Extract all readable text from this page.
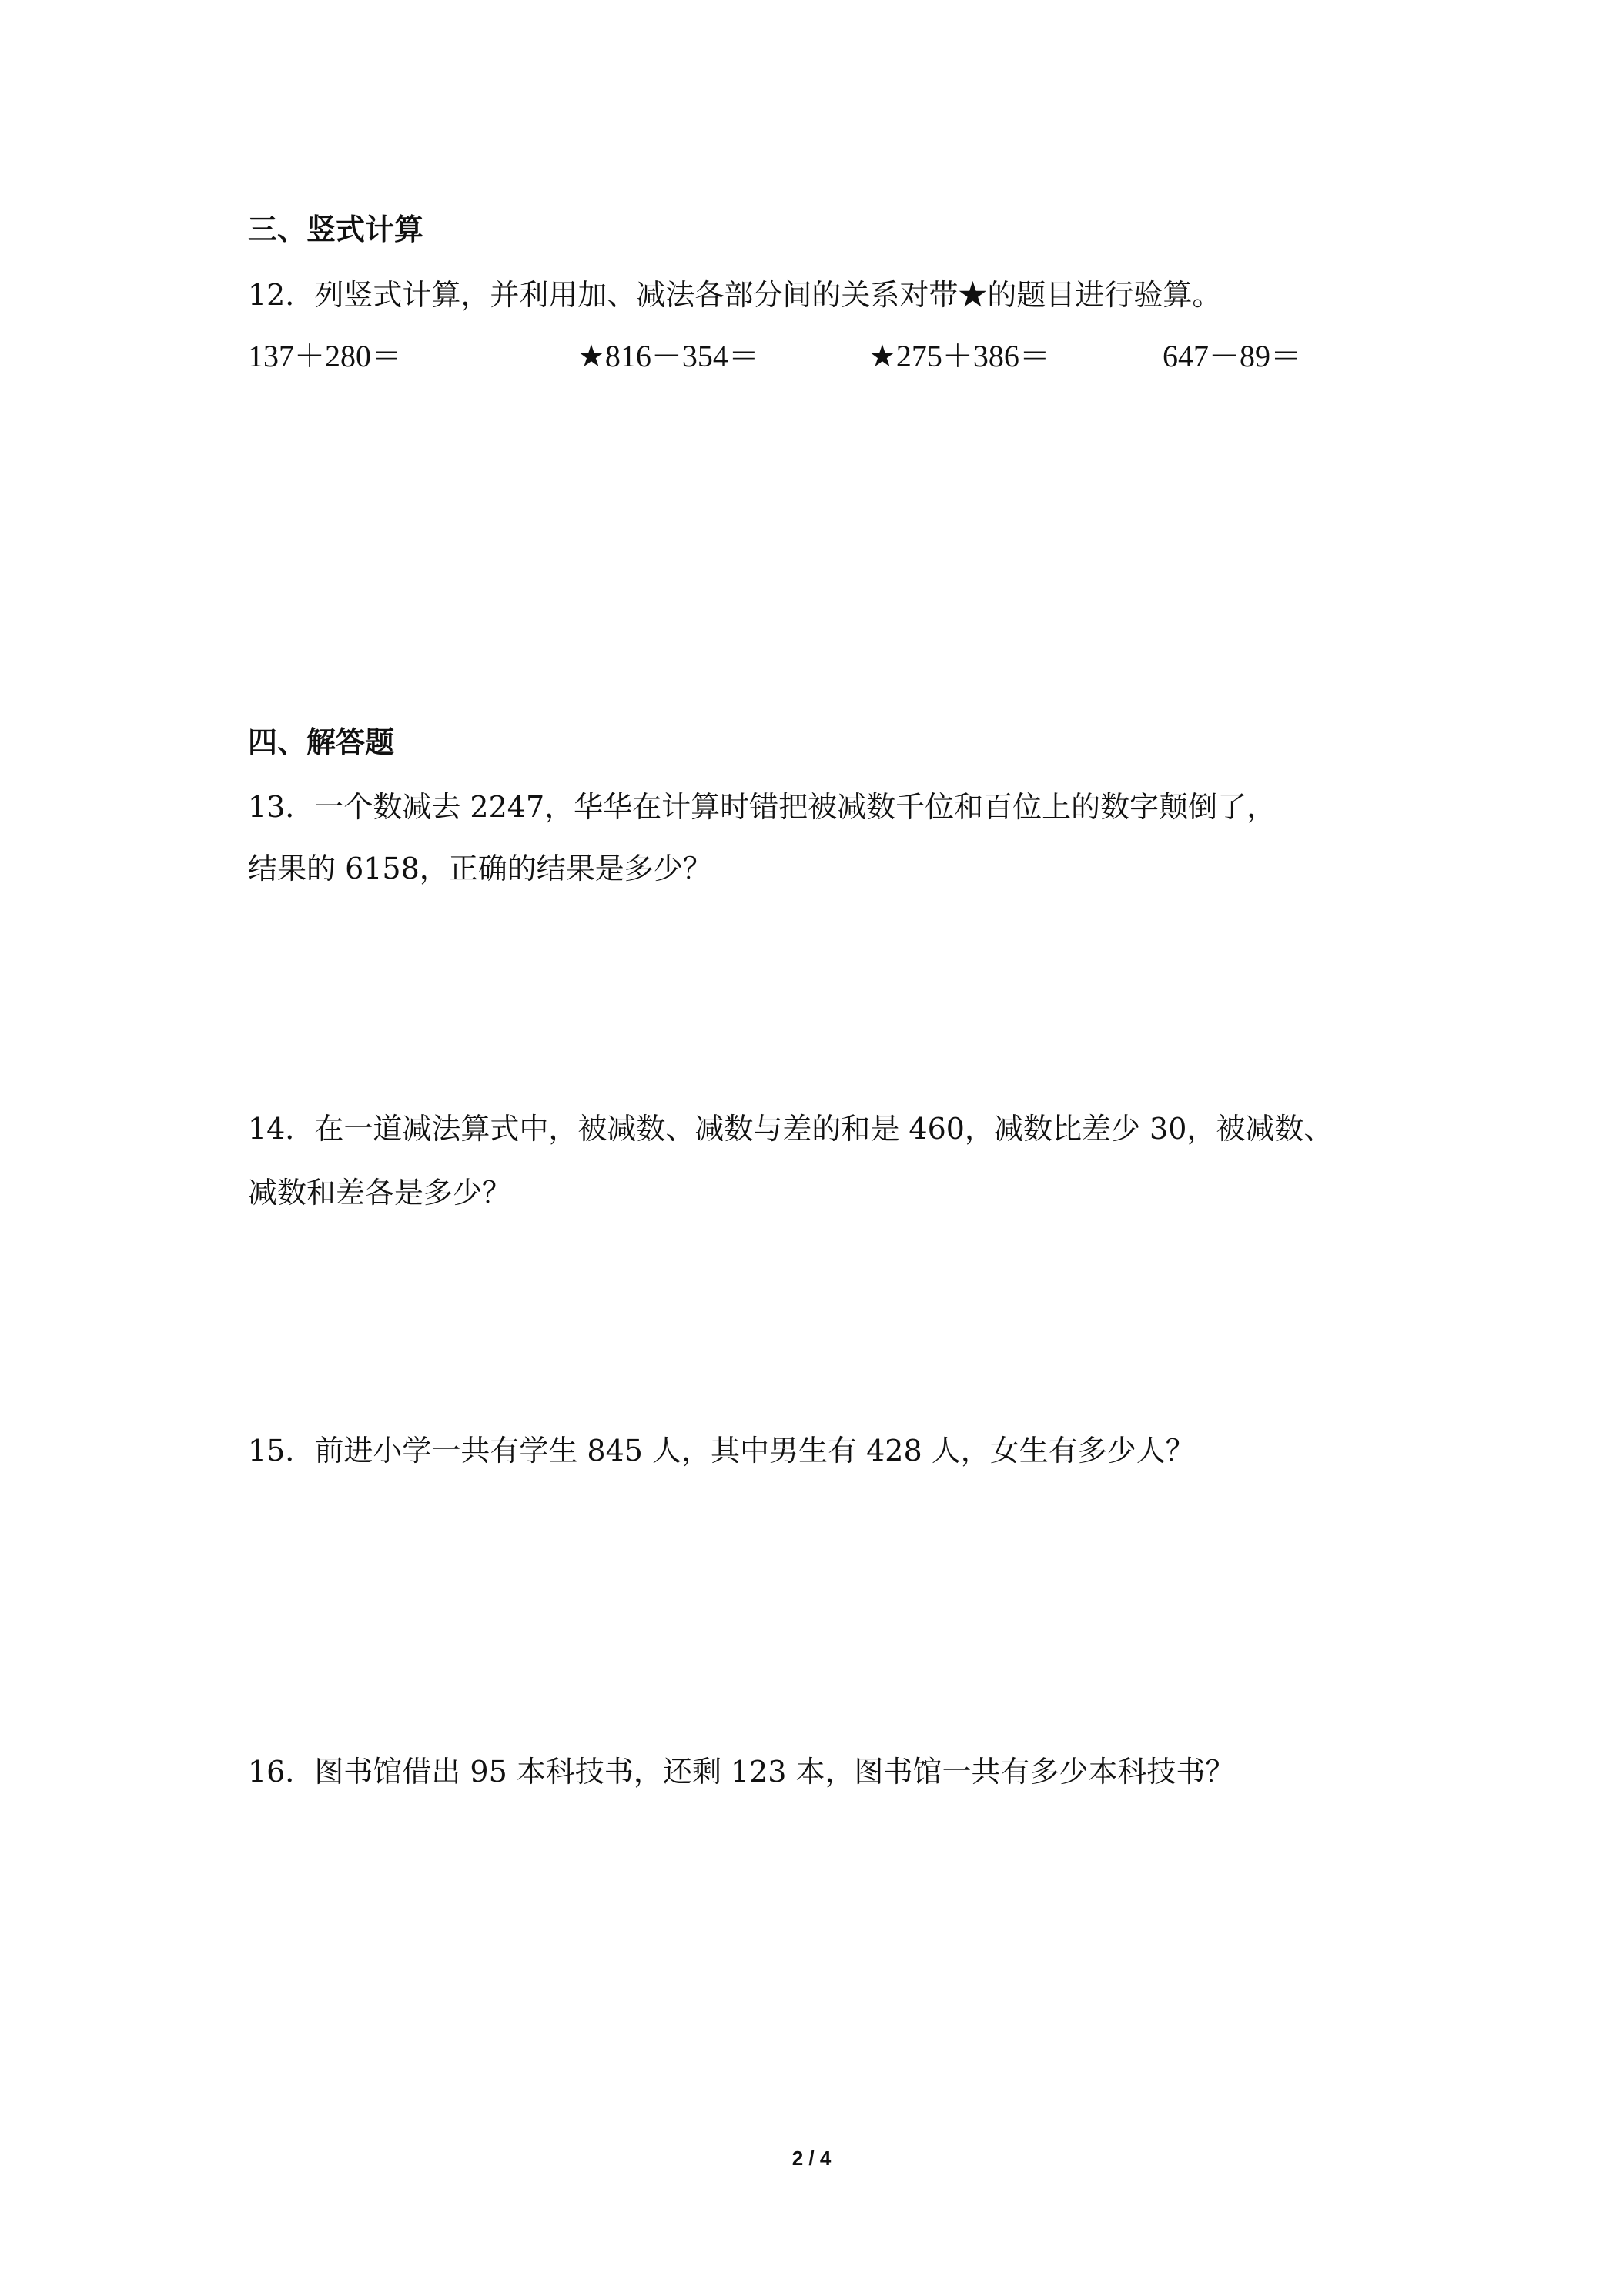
三、竖式计算
12．列竖式计算，并利用加、减法各部分间的关系对带★的题目进行验算。
137＋280＝	★816－354＝	★275＋386＝	647－89＝
四、解答题
13．一个数减去 2247，华华在计算时错把被减数千位和百位上的数字颠倒了，
结果的 6158，正确的结果是多少？
14．在一道减法算式中，被减数、减数与差的和是 460，减数比差少 30，被减数、
减数和差各是多少？
15．前进小学一共有学生 845 人，其中男生有 428 人，女生有多少人？
16．图书馆借出 95 本科技书，还剩 123 本，图书馆一共有多少本科技书？
2 / 4
